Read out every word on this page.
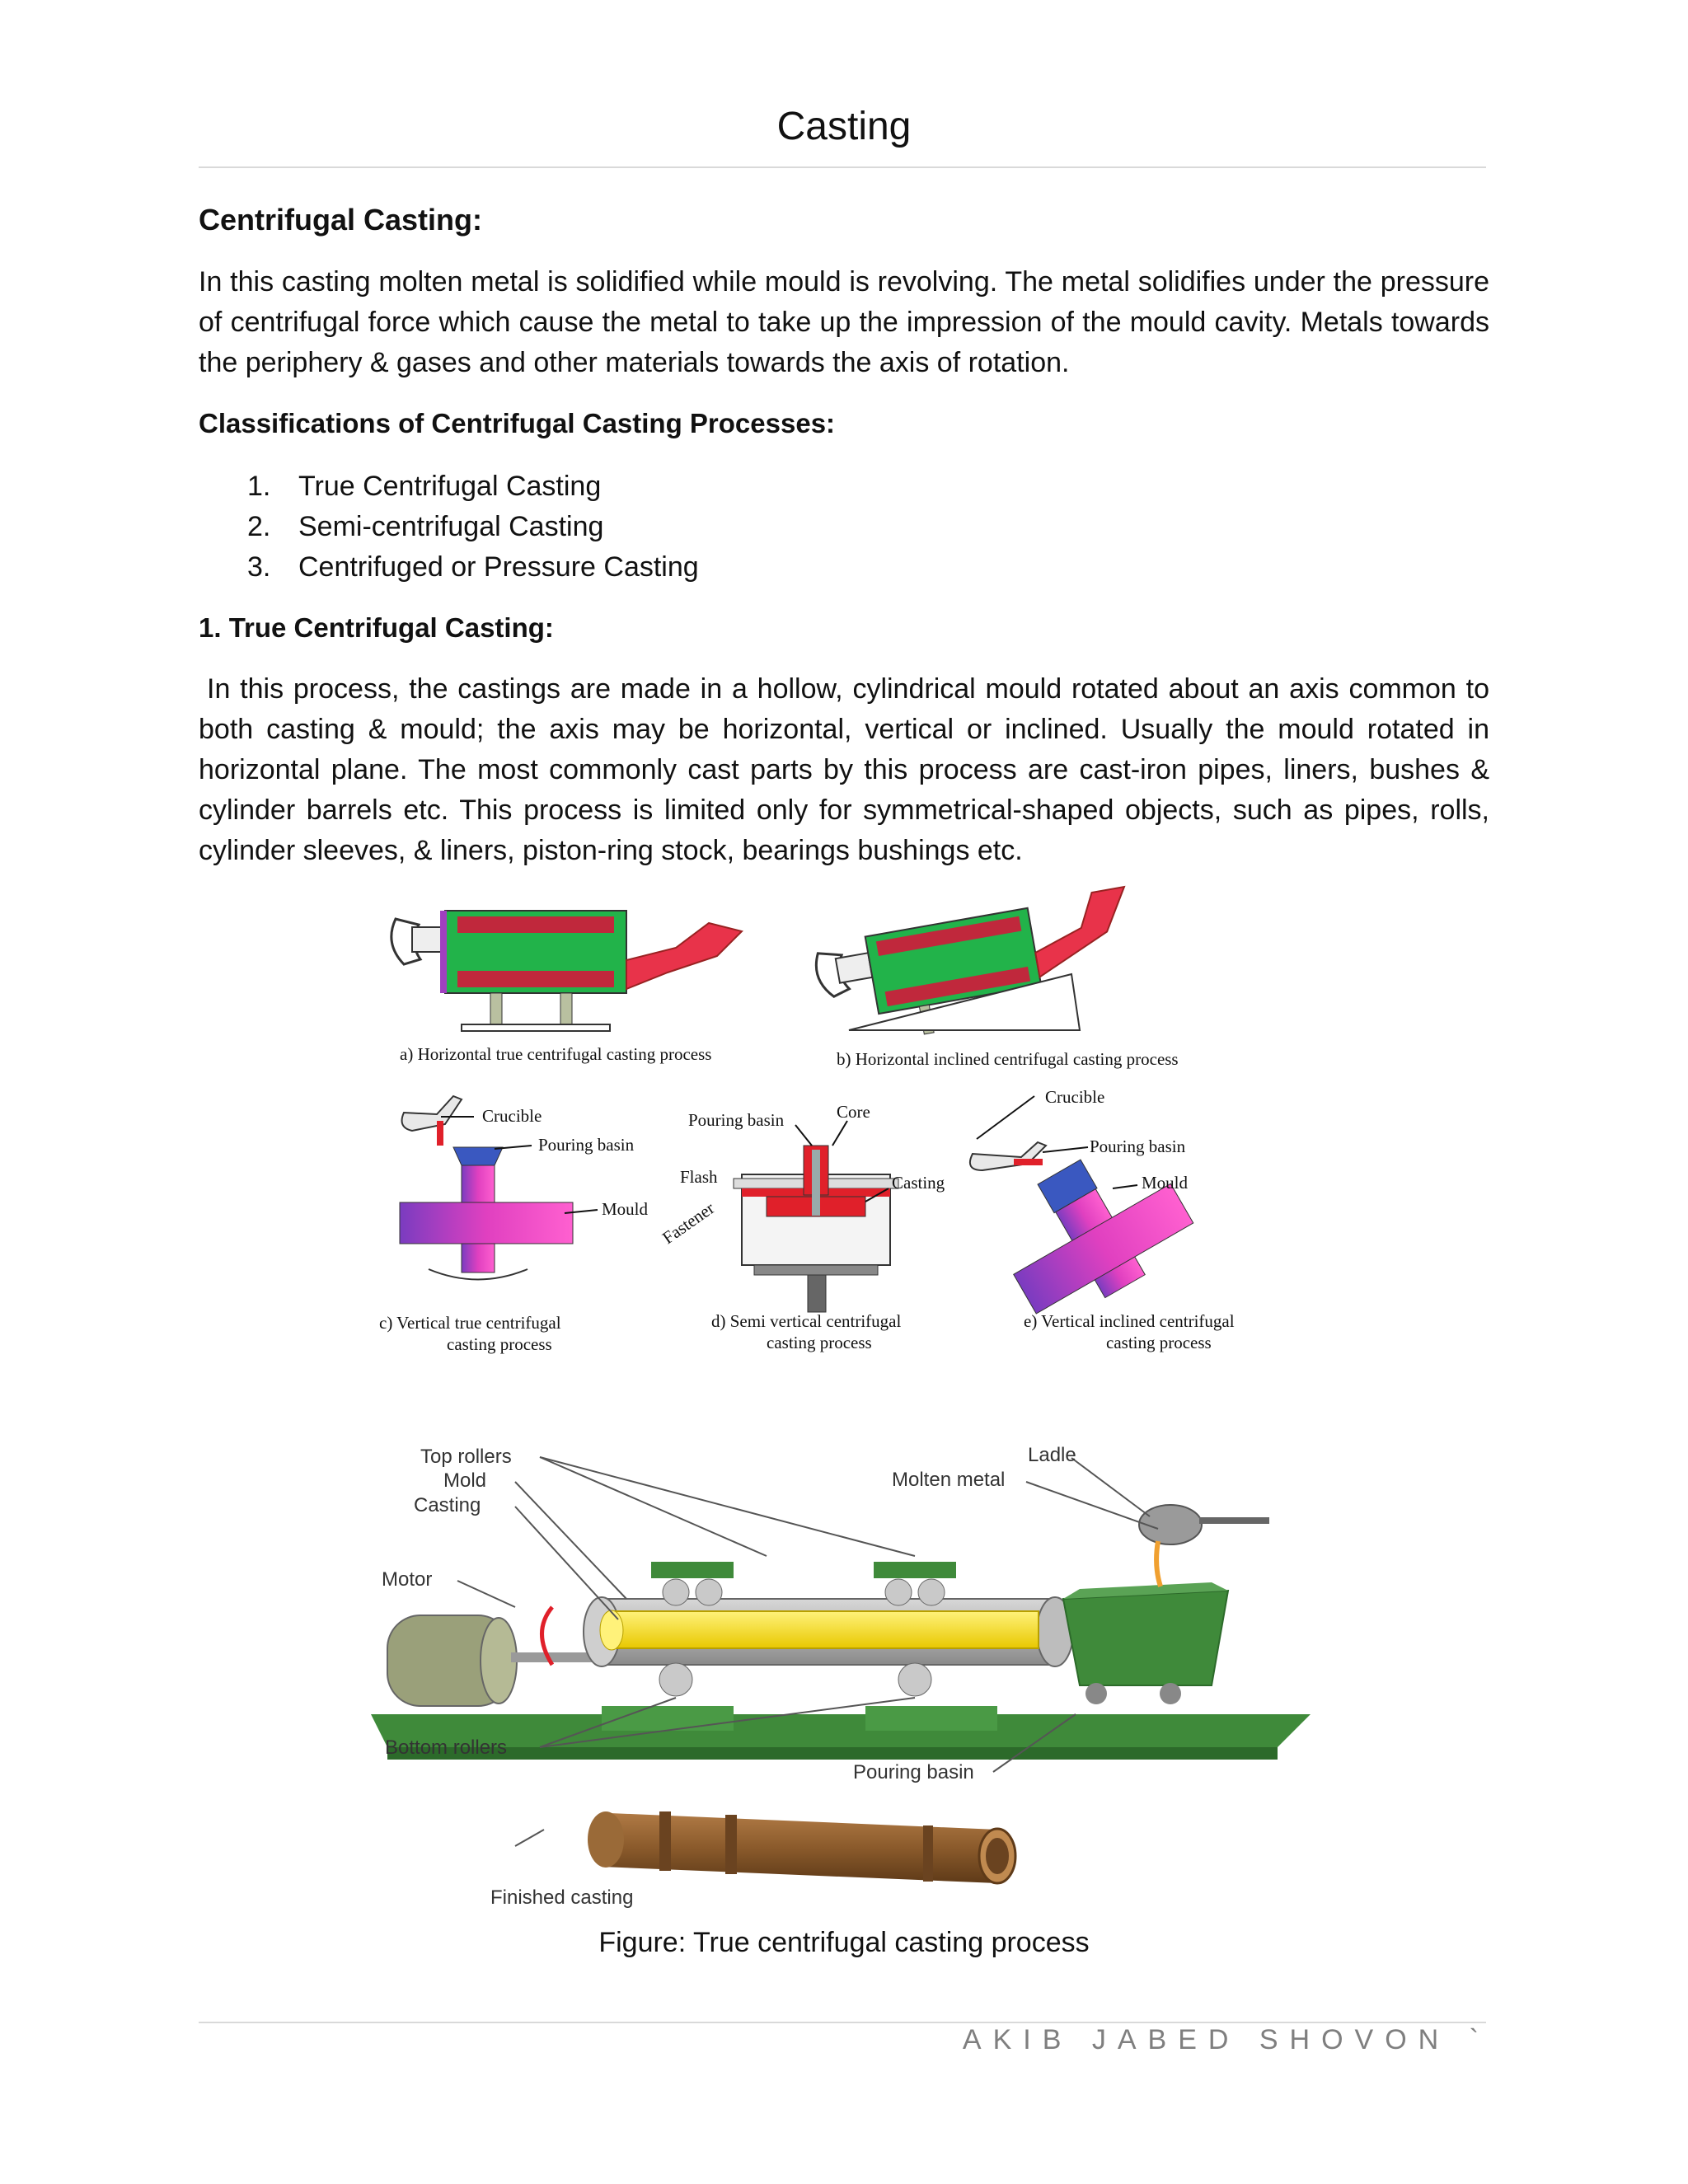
Casting
Centrifugal Casting:
In this casting molten metal is solidified while mould is revolving. The metal solidifies under the pressure of centrifugal force which cause the metal to take up the impression of the mould cavity. Metals towards the periphery & gases and other materials towards the axis of rotation.
Classifications of Centrifugal Casting Processes:
1. True Centrifugal Casting
2. Semi-centrifugal Casting
3. Centrifuged or Pressure Casting
1. True Centrifugal Casting:
In this process, the castings are made in a hollow, cylindrical mould rotated about an axis common to both casting & mould; the axis may be horizontal, vertical or inclined. Usually the mould rotated in horizontal plane. The most commonly cast parts by this process are cast-iron pipes, liners, bushes & cylinder barrels etc. This process is limited only for symmetrical-shaped objects, such as pipes, rolls, cylinder sleeves, & liners, piston-ring stock, bearings bushings etc.
a) Horizontal true centrifugal casting process	b) Horizontal inclined centrifugal casting process
Crucible
Pouring basin
Mould
c) Vertical true centrifugal
casting process
Pouring basin	Core
Flash	Casting
Fastener
d) Semi vertical centrifugal
casting process
Crucible
Pouring basin
Mould
e) Vertical inclined centrifugal
casting process
Ladle
Molten metal
Top rollers
Mold
Casting
Motor
Bottom rollers
Pouring basin
Finished casting
Figure: True centrifugal casting process
AKIB JABED SHOVON `
